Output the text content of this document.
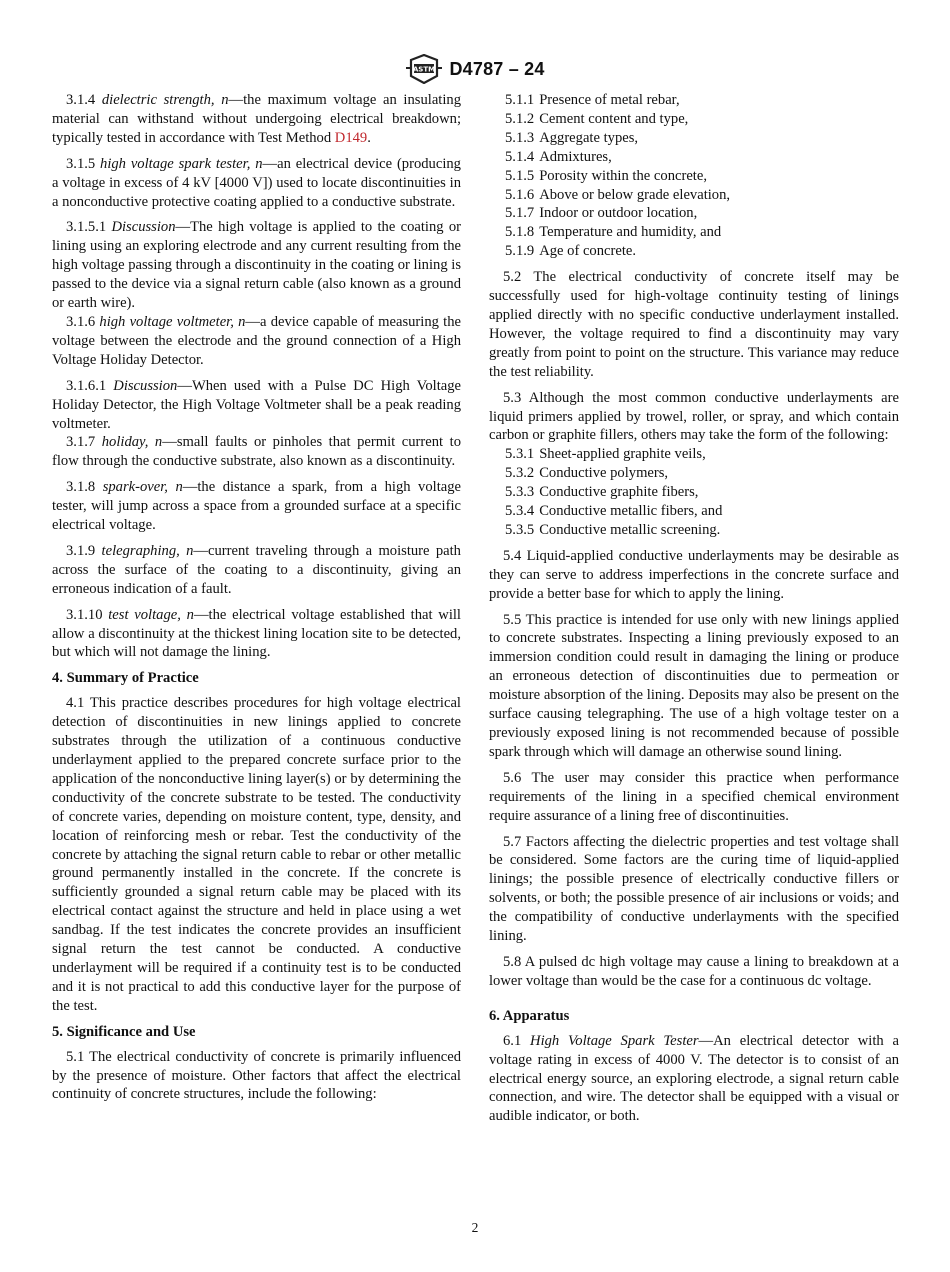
ASTM D4787 – 24

3.1.4 dielectric strength, n—the maximum voltage an insulating material can withstand without undergoing electrical breakdown; typically tested in accordance with Test Method D149.

3.1.5 high voltage spark tester, n—an electrical device (producing a voltage in excess of 4 kV [4000 V]) used to locate discontinuities in a nonconductive protective coating applied to a conductive substrate.

3.1.5.1 Discussion—The high voltage is applied to the coating or lining using an exploring electrode and any current resulting from the high voltage passing through a discontinuity in the coating or lining is passed to the device via a signal return cable (also known as a ground or earth wire).

3.1.6 high voltage voltmeter, n—a device capable of measuring the voltage between the electrode and the ground connection of a High Voltage Holiday Detector.

3.1.6.1 Discussion—When used with a Pulse DC High Voltage Holiday Detector, the High Voltage Voltmeter shall be a peak reading voltmeter.

3.1.7 holiday, n—small faults or pinholes that permit current to flow through the conductive substrate, also known as a discontinuity.

3.1.8 spark-over, n—the distance a spark, from a high voltage tester, will jump across a space from a grounded surface at a specific electrical voltage.

3.1.9 telegraphing, n—current traveling through a moisture path across the surface of the coating to a discontinuity, giving an erroneous indication of a fault.

3.1.10 test voltage, n—the electrical voltage established that will allow a discontinuity at the thickest lining location site to be detected, but which will not damage the lining.

4. Summary of Practice

4.1 This practice describes procedures for high voltage electrical detection of discontinuities in new linings applied to concrete substrates through the utilization of a continuous conductive underlayment applied to the prepared concrete surface prior to the application of the nonconductive lining layer(s) or by determining the conductivity of the concrete substrate to be tested. The conductivity of concrete varies, depending on moisture content, type, density, and location of reinforcing mesh or rebar. Test the conductivity of the concrete by attaching the signal return cable to rebar or other metallic ground permanently installed in the concrete. If the concrete is sufficiently grounded a signal return cable may be placed with its electrical contact against the structure and held in place using a wet sandbag. If the test indicates the concrete provides an insufficient signal return the test cannot be conducted. A conductive underlayment will be required if a continuity test is to be conducted and it is not practical to add this conductive layer for the purpose of the test.

5. Significance and Use

5.1 The electrical conductivity of concrete is primarily influenced by the presence of moisture. Other factors that affect the electrical continuity of concrete structures, include the following:

5.1.1 Presence of metal rebar,
5.1.2 Cement content and type,
5.1.3 Aggregate types,
5.1.4 Admixtures,
5.1.5 Porosity within the concrete,
5.1.6 Above or below grade elevation,
5.1.7 Indoor or outdoor location,
5.1.8 Temperature and humidity, and
5.1.9 Age of concrete.

5.2 The electrical conductivity of concrete itself may be successfully used for high-voltage continuity testing of linings applied directly with no specific conductive underlayment installed. However, the voltage required to find a discontinuity may vary greatly from point to point on the structure. This variance may reduce the test reliability.

5.3 Although the most common conductive underlayments are liquid primers applied by trowel, roller, or spray, and which contain carbon or graphite fillers, others may take the form of the following:

5.3.1 Sheet-applied graphite veils,
5.3.2 Conductive polymers,
5.3.3 Conductive graphite fibers,
5.3.4 Conductive metallic fibers, and
5.3.5 Conductive metallic screening.

5.4 Liquid-applied conductive underlayments may be desirable as they can serve to address imperfections in the concrete surface and provide a better base for which to apply the lining.

5.5 This practice is intended for use only with new linings applied to concrete substrates. Inspecting a lining previously exposed to an immersion condition could result in damaging the lining or produce an erroneous detection of discontinuities due to permeation or moisture absorption of the lining. Deposits may also be present on the surface causing telegraphing. The use of a high voltage tester on a previously exposed lining is not recommended because of possible spark through which will damage an otherwise sound lining.

5.6 The user may consider this practice when performance requirements of the lining in a specified chemical environment require assurance of a lining free of discontinuities.

5.7 Factors affecting the dielectric properties and test voltage shall be considered. Some factors are the curing time of liquid-applied linings; the possible presence of electrically conductive fillers or solvents, or both; the possible presence of air inclusions or voids; and the compatibility of conductive underlayments with the specified lining.

5.8 A pulsed dc high voltage may cause a lining to breakdown at a lower voltage than would be the case for a continuous dc voltage.

6. Apparatus

6.1 High Voltage Spark Tester—An electrical detector with a voltage rating in excess of 4000 V. The detector is to consist of an electrical energy source, an exploring electrode, a signal return cable connection, and wire. The detector shall be equipped with a visual or audible indicator, or both.

2
